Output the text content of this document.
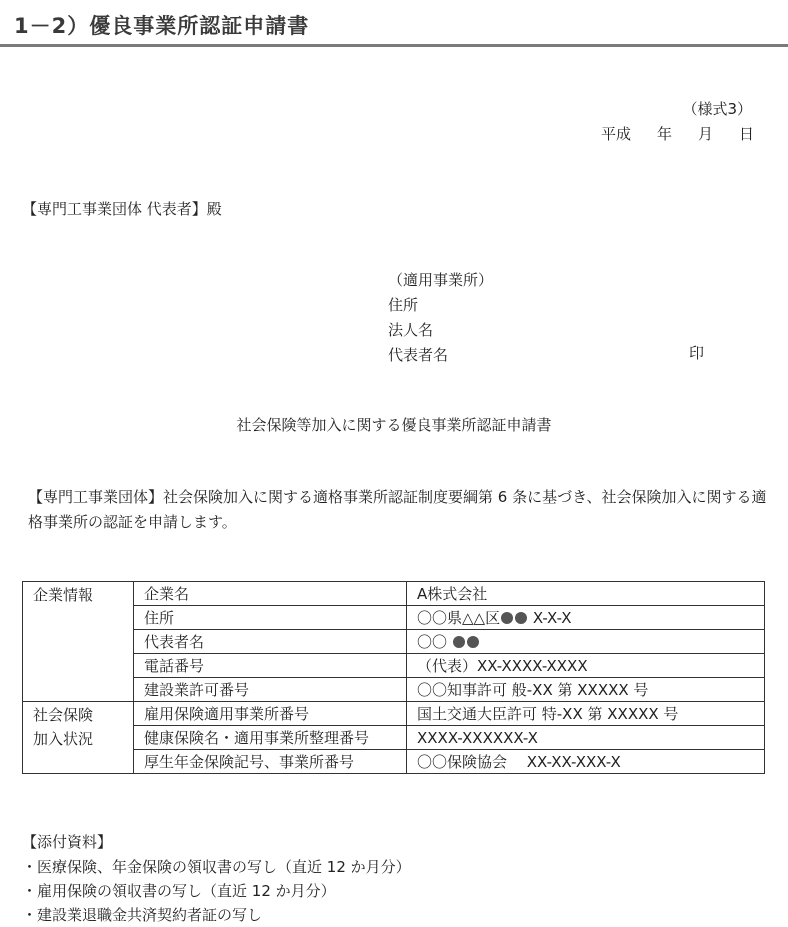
1－2）優良事業所認証申請書
（様式3）
平成 年 月 日
【専門工事業団体 代表者】殿
（適用事業所）
住所
法人名
代表者名	印
社会保険等加入に関する優良事業所認証申請書
【専門工事業団体】社会保険加入に関する適格事業所認証制度要綱第 6 条に基づき、社会保険加入に関する適格事業所の認証を申請します。
企業情報	企業名	A株式会社
	住所	〇〇県△△区 X-X-X
	代表者名	〇〇
	電話番号	（代表）XX-XXXX-XXXX
	建設業許可番号	〇〇知事許可 般-XX 第 XXXXX 号

社会保険
加入状況	雇用保険適用事業所番号	国土交通大臣許可 特-XX 第 XXXXX 号
	健康保険名・適用事業所整理番号	XXXX-XXXXXX-X
	厚生年金保険記号、事業所番号	〇〇保険協会　 XX-XX-XXX-X
【添付資料】
・医療保険、年金保険の領収書の写し（直近 12 か月分）
・雇用保険の領収書の写し（直近 12 か月分）
・建設業退職金共済契約者証の写し
